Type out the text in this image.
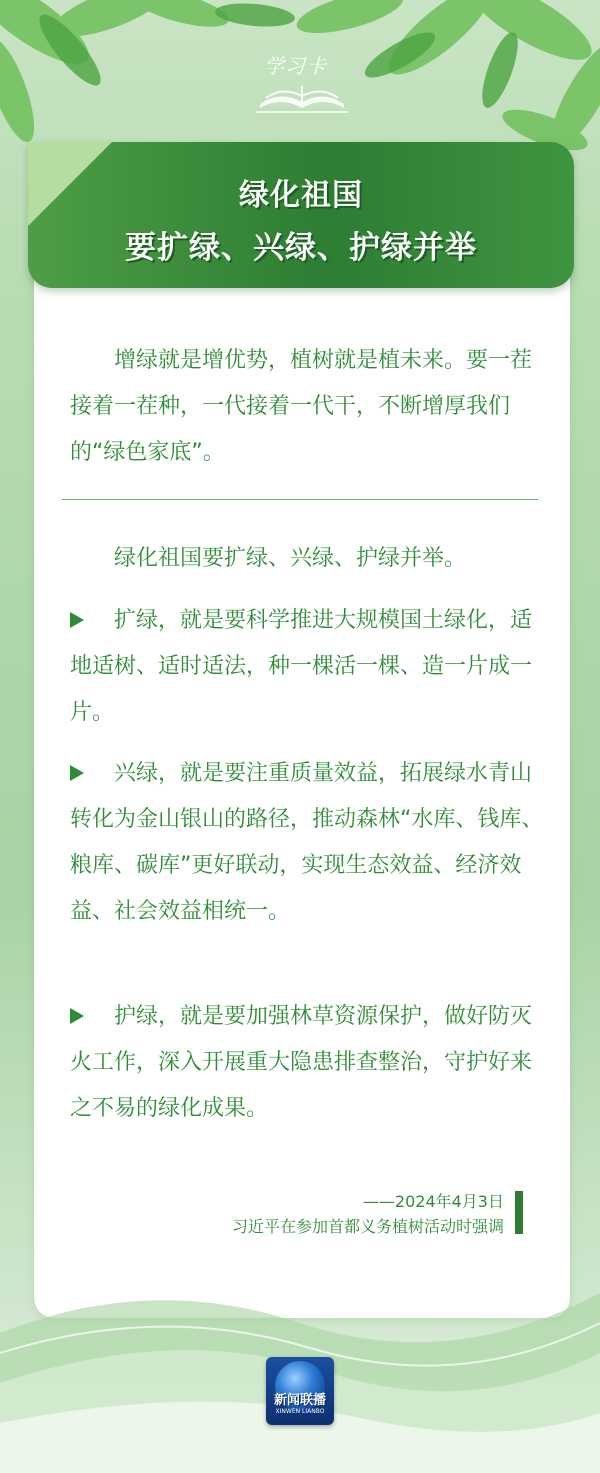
学习卡
绿化祖国
要扩绿、兴绿、护绿并举

增绿就是增优势，植树就是植未来。要一茬接着一茬种，一代接着一代干，不断增厚我们的“绿色家底”。

绿化祖国要扩绿、兴绿、护绿并举。

扩绿，就是要科学推进大规模国土绿化，适地适树、适时适法，种一棵活一棵、造一片成一片。

兴绿，就是要注重质量效益，拓展绿水青山转化为金山银山的路径，推动森林“水库、钱库、粮库、碳库”更好联动，实现生态效益、经济效益、社会效益相统一。

护绿，就是要加强林草资源保护，做好防灭火工作，深入开展重大隐患排查整治，守护好来之不易的绿化成果。

——2024年4月3日
习近平在参加首都义务植树活动时强调
新闻联播
XINWEN LIANBO
